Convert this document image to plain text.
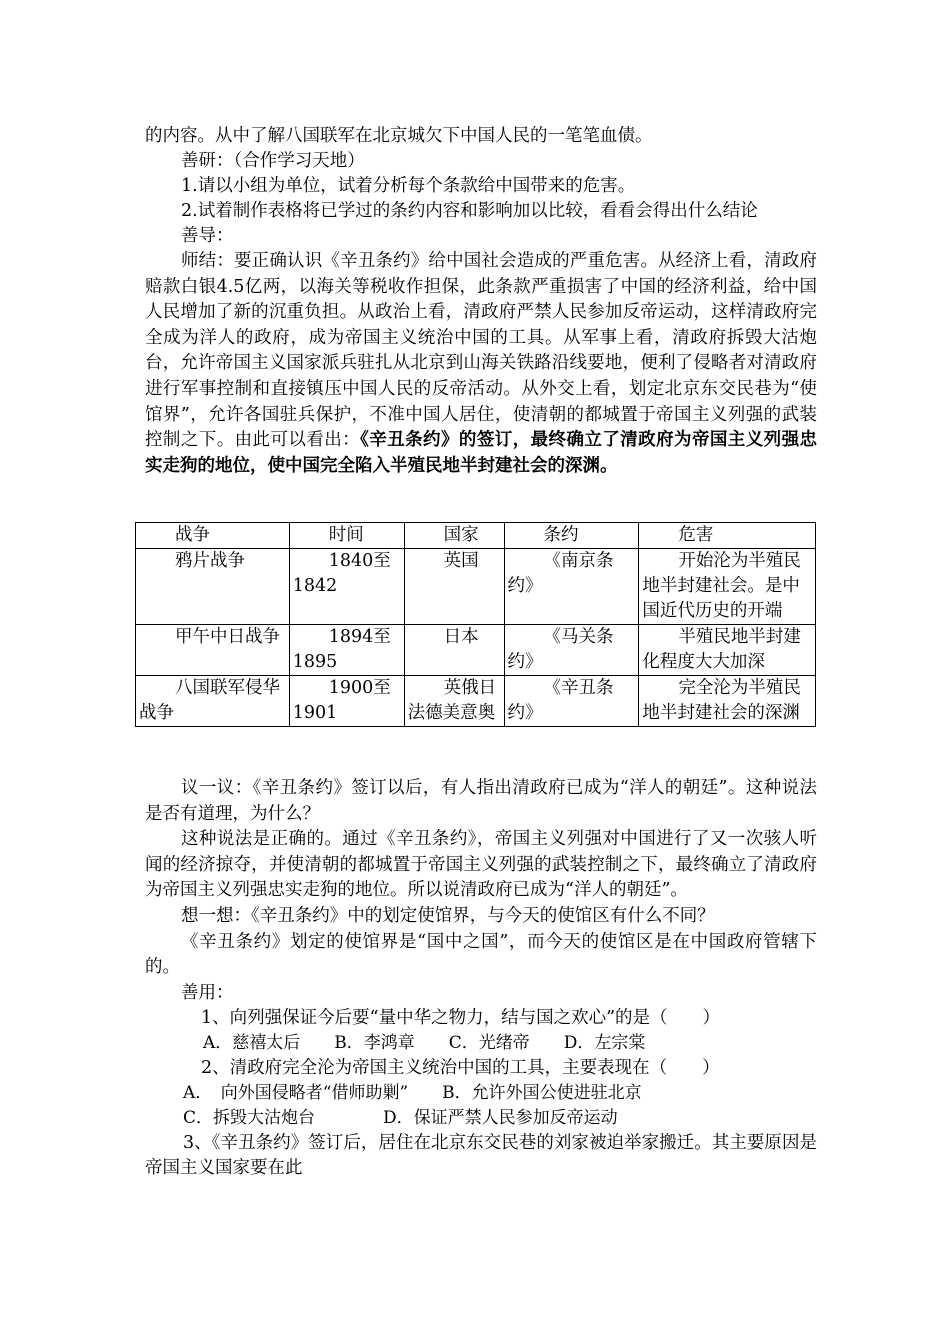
的内容。从中了解八国联军在北京城欠下中国人民的一笔笔血债。
善研：（合作学习天地）
1.请以小组为单位，试着分析每个条款给中国带来的危害。
2.试着制作表格将已学过的条约内容和影响加以比较，看看会得出什么结论
善导：
师结：要正确认识《辛丑条约》给中国社会造成的严重危害。从经济上看，清政府赔款白银4.5亿两，以海关等税收作担保，此条款严重损害了中国的经济利益，给中国人民增加了新的沉重负担。从政治上看，清政府严禁人民参加反帝运动，这样清政府完全成为洋人的政府，成为帝国主义统治中国的工具。从军事上看，清政府拆毁大沽炮台，允许帝国主义国家派兵驻扎从北京到山海关铁路沿线要地，便利了侵略者对清政府进行军事控制和直接镇压中国人民的反帝活动。从外交上看，划定北京东交民巷为“使馆界”，允许各国驻兵保护，不准中国人居住，使清朝的都城置于帝国主义列强的武装控制之下。由此可以看出：《辛丑条约》的签订，最终确立了清政府为帝国主义列强忠实走狗的地位，使中国完全陷入半殖民地半封建社会的深渊。
战争	时间	国家	条约	危害
鸦片战争	1840至1842	英国	《南京条约》	开始沦为半殖民地半封建社会。是中国近代历史的开端
甲午中日战争	1894至1895	日本	《马关条约》	半殖民地半封建化程度大大加深
八国联军侵华战争	1900至1901	英俄日法德美意奥	《辛丑条约》	完全沦为半殖民地半封建社会的深渊
议一议：《辛丑条约》签订以后，有人指出清政府已成为“洋人的朝廷”。这种说法是否有道理，为什么？
这种说法是正确的。通过《辛丑条约》，帝国主义列强对中国进行了又一次骇人听闻的经济掠夺，并使清朝的都城置于帝国主义列强的武装控制之下，最终确立了清政府为帝国主义列强忠实走狗的地位。所以说清政府已成为“洋人的朝廷”。
想一想：《辛丑条约》中的划定使馆界，与今天的使馆区有什么不同？
《辛丑条约》划定的使馆界是“国中之国”，而今天的使馆区是在中国政府管辖下的。
善用：
1、向列强保证今后要“量中华之物力，结与国之欢心”的是（　　）
A．慈禧太后　　B．李鸿章　　C．光绪帝　　D．左宗棠
2、清政府完全沦为帝国主义统治中国的工具，主要表现在（　　）
A．　向外国侵略者“借师助剿”　　B．允许外国公使进驻北京
C．拆毁大沽炮台　　　　D．保证严禁人民参加反帝运动
3、《辛丑条约》签订后，居住在北京东交民巷的刘家被迫举家搬迁。其主要原因是帝国主义国家要在此
